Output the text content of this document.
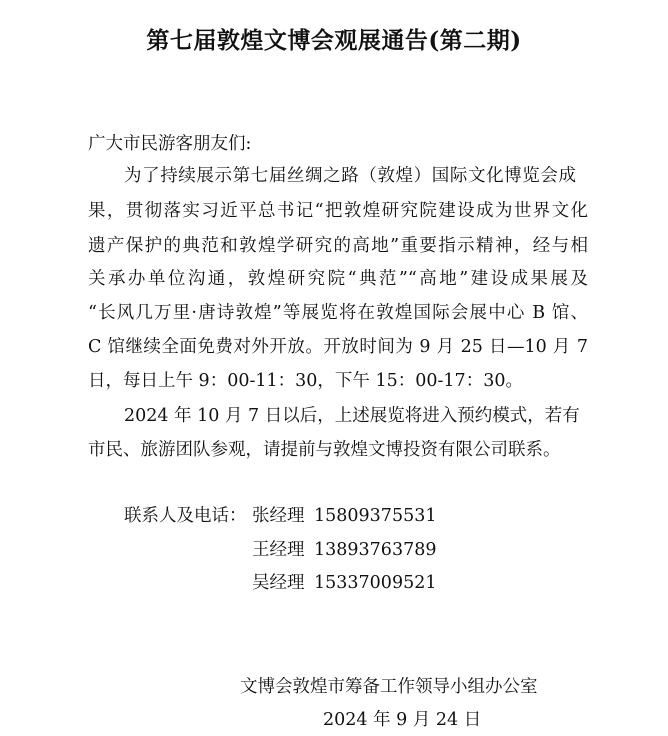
第七届敦煌文博会观展通告(第二期)
广大市民游客朋友们:
为了持续展示第七届丝绸之路（敦煌）国际文化博览会成
果，贯彻落实习近平总书记“把敦煌研究院建设成为世界文化
遗产保护的典范和敦煌学研究的高地”重要指示精神，经与相
关承办单位沟通，敦煌研究院“典范”“高地”建设成果展及
“长风几万里·唐诗敦煌”等展览将在敦煌国际会展中心 B 馆、
C 馆继续全面免费对外开放。开放时间为 9 月 25 日—10 月 7
日，每日上午 9：00-11：30，下午 15：00-17：30。
2024 年 10 月 7 日以后，上述展览将进入预约模式，若有
市民、旅游团队参观，请提前与敦煌文博投资有限公司联系。
联系人及电话： 张经理 15809375531
王经理 13893763789
吴经理 15337009521
文博会敦煌市筹备工作领导小组办公室
2024 年 9 月 24 日
